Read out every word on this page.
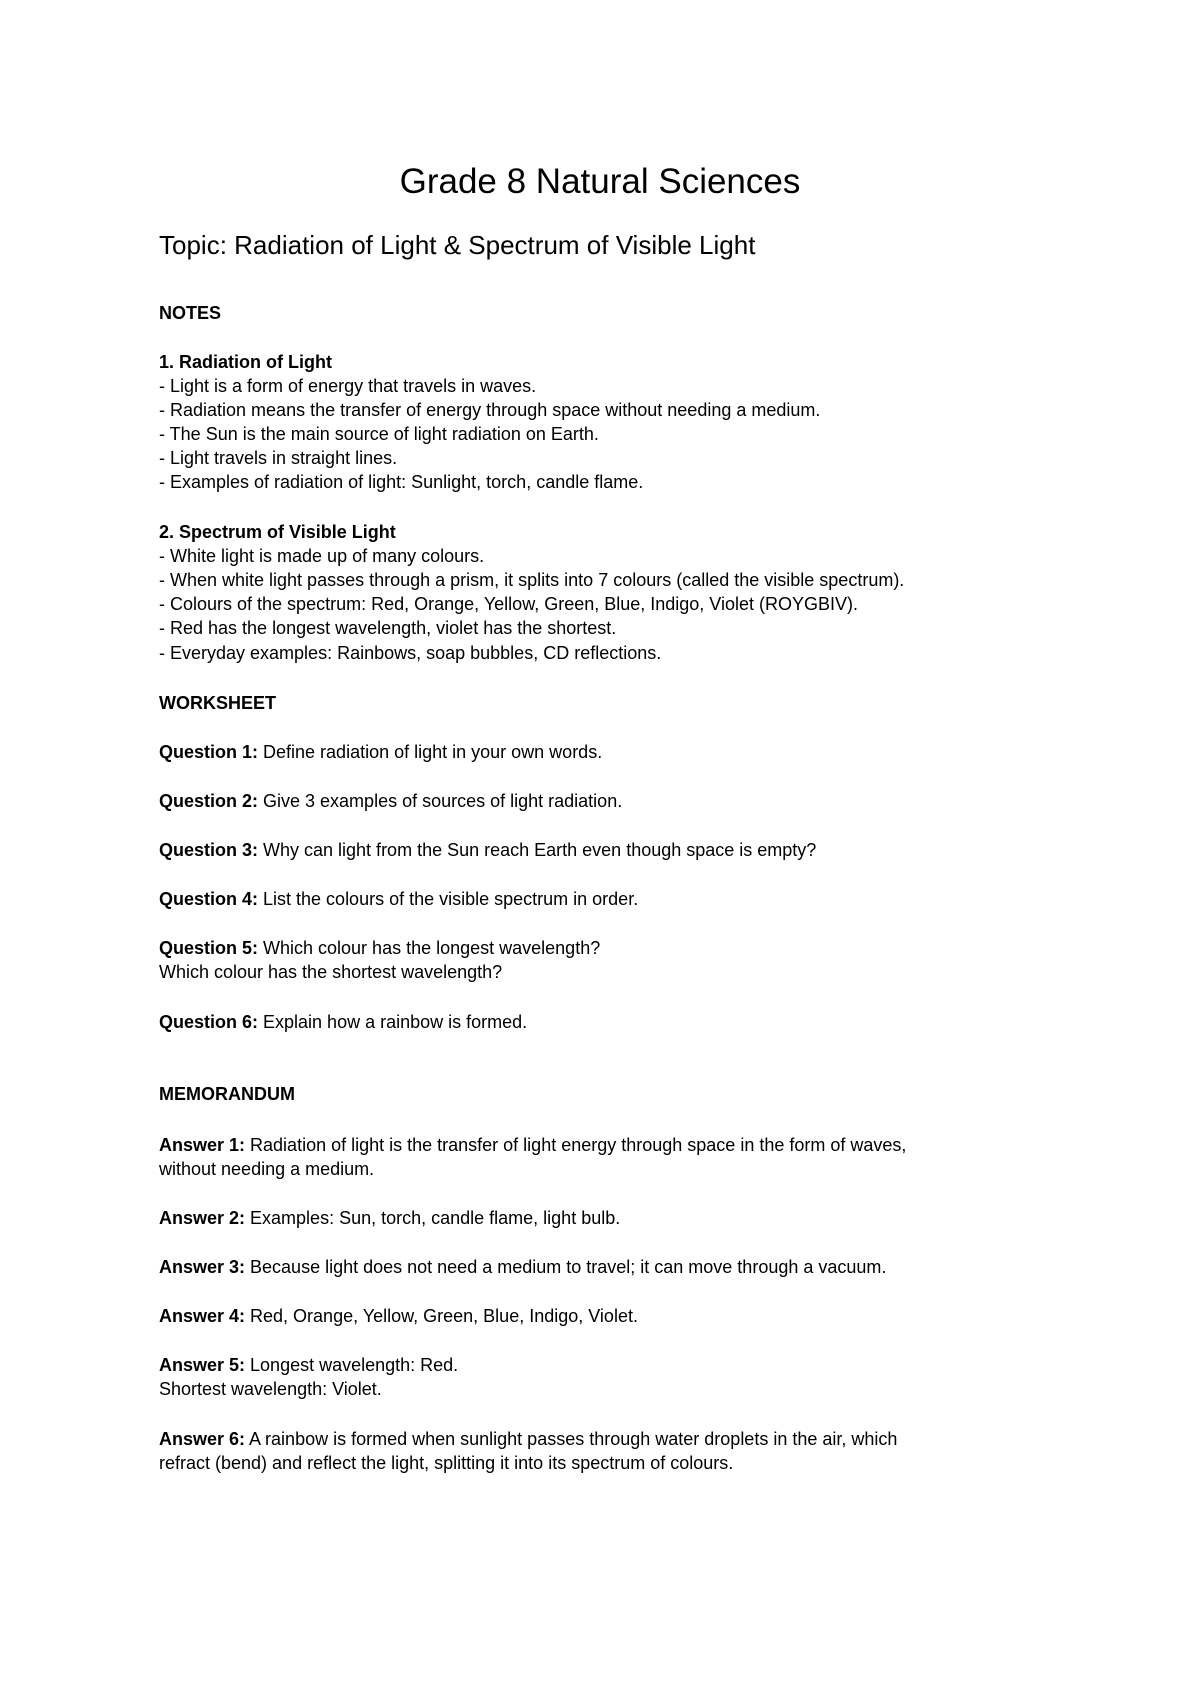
Grade 8 Natural Sciences
Topic: Radiation of Light & Spectrum of Visible Light
NOTES
1. Radiation of Light
- Light is a form of energy that travels in waves.
- Radiation means the transfer of energy through space without needing a medium.
- The Sun is the main source of light radiation on Earth.
- Light travels in straight lines.
- Examples of radiation of light: Sunlight, torch, candle flame.
2. Spectrum of Visible Light
- White light is made up of many colours.
- When white light passes through a prism, it splits into 7 colours (called the visible spectrum).
- Colours of the spectrum: Red, Orange, Yellow, Green, Blue, Indigo, Violet (ROYGBIV).
- Red has the longest wavelength, violet has the shortest.
- Everyday examples: Rainbows, soap bubbles, CD reflections.
WORKSHEET
Question 1: Define radiation of light in your own words.
Question 2: Give 3 examples of sources of light radiation.
Question 3: Why can light from the Sun reach Earth even though space is empty?
Question 4: List the colours of the visible spectrum in order.
Question 5: Which colour has the longest wavelength?
Which colour has the shortest wavelength?
Question 6: Explain how a rainbow is formed.
MEMORANDUM
Answer 1: Radiation of light is the transfer of light energy through space in the form of waves,
without needing a medium.
Answer 2: Examples: Sun, torch, candle flame, light bulb.
Answer 3: Because light does not need a medium to travel; it can move through a vacuum.
Answer 4: Red, Orange, Yellow, Green, Blue, Indigo, Violet.
Answer 5: Longest wavelength: Red.
Shortest wavelength: Violet.
Answer 6: A rainbow is formed when sunlight passes through water droplets in the air, which
refract (bend) and reflect the light, splitting it into its spectrum of colours.
